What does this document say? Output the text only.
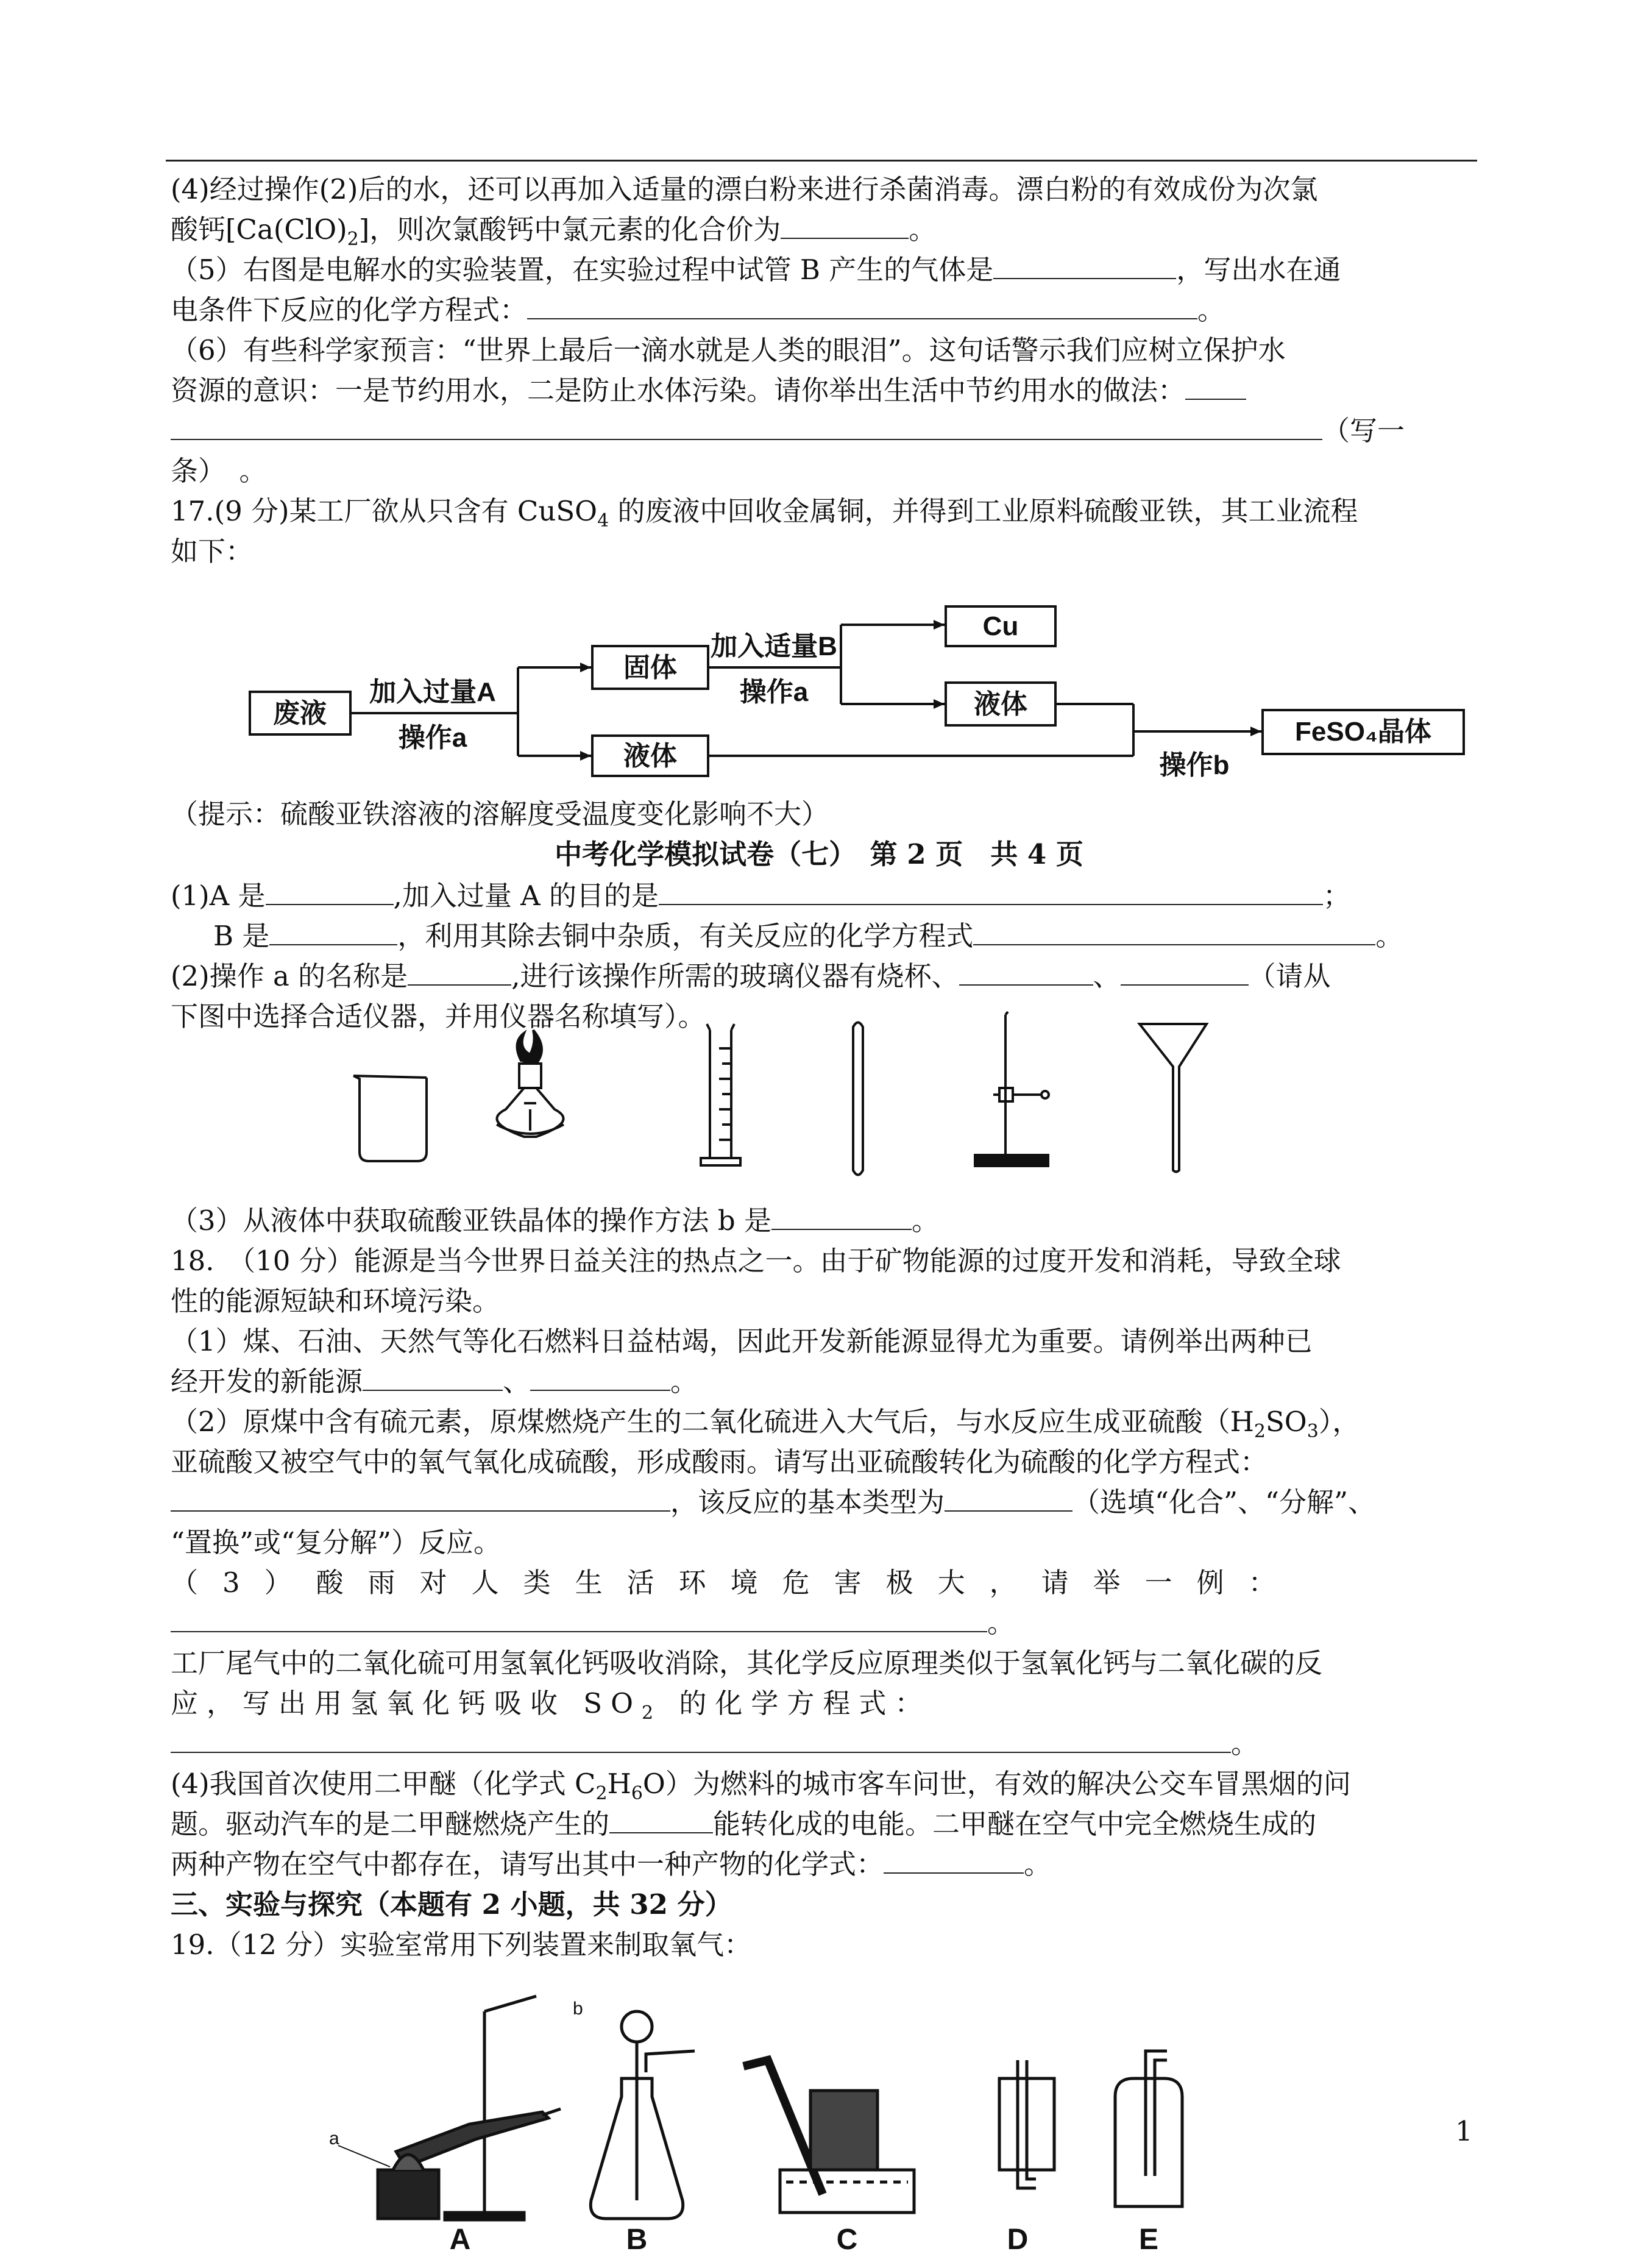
(4)经过操作(2)后的水，还可以再加入适量的漂白粉来进行杀菌消毒。漂白粉的有效成份为次氯
酸钙$[Ca(ClO)_2]$，则次氯酸钙中氯元素的化合价为	。
（5）右图是电解水的实验装置，在实验过程中试管 B 产生的气体是	，写出水在通
电条件下反应的化学方程式：	。
（6）有些科学家预言：“世界上最后一滴水就是人类的眼泪”。这句话警示我们应树立保护水
资源的意识：一是节约用水，二是防止水体污染。请你举出生活中节约用水的做法：
（写一
条）　。
17.(9 分)某工厂欲从只含有 CuSO$_4$ 的废液中回收金属铜，并得到工业原料硫酸亚铁，其工业流程
如下：
废液
加入过量A
操作a
固体
液体
加入适量B
操作a
Cu
液体
操作b
FeSO₄晶体
（提示：硫酸亚铁溶液的溶解度受温度变化影响不大）
中考化学模拟试卷（七）　第 2 页　共 4 页
(1)A 是	,加入过量 A 的目的是	；
B 是	，利用其除去铜中杂质，有关反应的化学方程式	。
(2)操作 a 的名称是	,进行该操作所需的玻璃仪器有烧杯、	、	（请从
下图中选择合适仪器，并用仪器名称填写）。
（3）从液体中获取硫酸亚铁晶体的操作方法 b 是	。
18.　（10 分）能源是当今世界日益关注的热点之一。由于矿物能源的过度开发和消耗，导致全球
性的能源短缺和环境污染。
（1）煤、石油、天然气等化石燃料日益枯竭，因此开发新能源显得尤为重要。请例举出两种已
经开发的新能源	、	。
（2）原煤中含有硫元素，原煤燃烧产生的二氧化硫进入大气后，与水反应生成亚硫酸$(H_2SO_3)$，
亚硫酸又被空气中的氧气氧化成硫酸，形成酸雨。请写出亚硫酸转化为硫酸的化学方程式：
，该反应的基本类型为	（选填“化合”、“分解”、
“置换”或“复分解”）反应。
（3）酸雨对人类生活环境危害极大，请举一例：
。
工厂尾气中的二氧化硫可用氢氧化钙吸收消除，其化学反应原理类似于氢氧化钙与二氧化碳的反
应，写出用氢氧化钙吸收 $SO_2$ 的化学方程式：
。
(4)我国首次使用二甲醚（化学式 $C_2H_6O$）为燃料的城市客车问世，有效的解决公交车冒黑烟的问
题。驱动汽车的是二甲醚燃烧产生的	能转化成的电能。二甲醚在空气中完全燃烧生成的
两种产物在空气中都存在，请写出其中一种产物的化学式：	。
三、实验与探究（本题有 2 小题，共 32 分）
19.（12 分）实验室常用下列装置来制取氧气：
A	B	C	D	E
a
b
1
